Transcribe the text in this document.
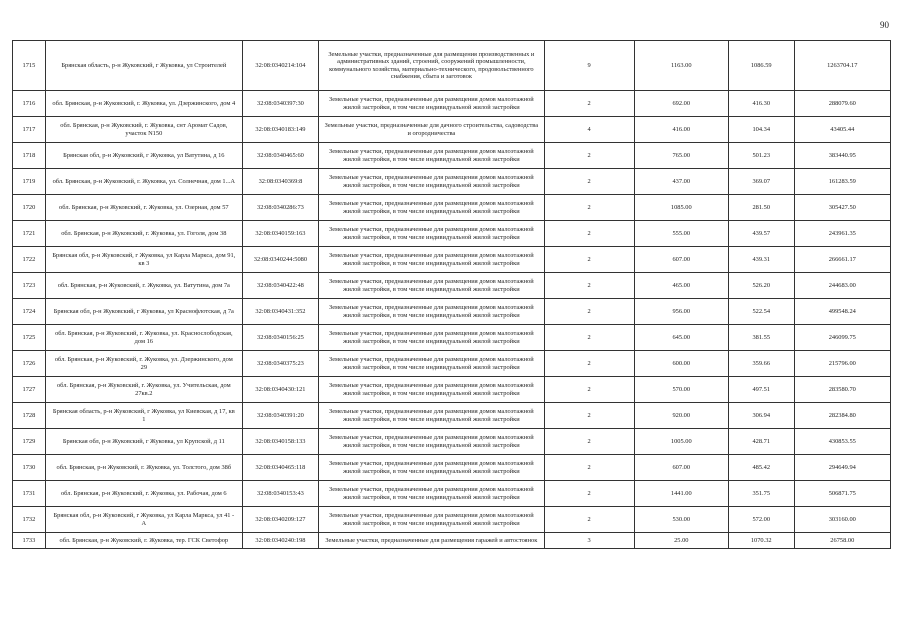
90
1715	Брянская область, р-н Жуковский, г Жуковка, ул Строителей	32:08:0340214:104	Земельные участки, предназначенные для размещения производственных и административных зданий, строений, сооружений промышленности, коммунального хозяйства, материально-технического, продовольственного снабжения, сбыта и заготовок	9	1163.00	1086.59	1263704.17
1716	обл. Брянская, р-н Жуковский, г. Жуковка, ул. Дзержинского, дом 4	32:08:0340397:30	Земельные участки, предназначенные для размещения домов малоэтажной жилой застройки, в том числе индивидуальной жилой застройки	2	692.00	416.30	288079.60
1717	обл. Брянская, р-н Жуковский, г. Жуковка, снт Аромат Садов, участок N150	32:08:0340183:149	Земельные участки, предназначенные для дачного строительства, садоводства и огородничества	4	416.00	104.34	43405.44
1718	Брянская обл, р-н Жуковский, г Жуковка, ул Ватутина, д 16	32:08:0340465:60	Земельные участки, предназначенные для размещения домов малоэтажной жилой застройки, в том числе индивидуальной жилой застройки	2	765.00	501.23	383440.95
1719	обл. Брянская, р-н Жуковский, г. Жуковка, ул. Солнечная, дом 1...А	32:08:0340369:8	Земельные участки, предназначенные для размещения домов малоэтажной жилой застройки, в том числе индивидуальной жилой застройки	2	437.00	369.07	161283.59
1720	обл. Брянская, р-н Жуковский, г. Жуковка, ул. Озерная, дом 57	32:08:0340286:73	Земельные участки, предназначенные для размещения домов малоэтажной жилой застройки, в том числе индивидуальной жилой застройки	2	1085.00	281.50	305427.50
1721	обл. Брянская, р-н Жуковский, г. Жуковка, ул. Гоголя, дом 38	32:08:0340159:163	Земельные участки, предназначенные для размещения домов малоэтажной жилой застройки, в том числе индивидуальной жилой застройки	2	555.00	439.57	243961.35
1722	Брянская обл, р-н Жуковский, г Жуковка, ул Карла Маркса, дом 91, кв 3	32:08:0340244:5080	Земельные участки, предназначенные для размещения домов малоэтажной жилой застройки, в том числе индивидуальной жилой застройки	2	607.00	439.31	266661.17
1723	обл. Брянская, р-н Жуковский, г. Жуковка, ул. Ватутина, дом 7а	32:08:0340422:48	Земельные участки, предназначенные для размещения домов малоэтажной жилой застройки, в том числе индивидуальной жилой застройки	2	465.00	526.20	244683.00
1724	Брянская обл, р-н Жуковский, г Жуковка, ул Краснофлотская, д 7а	32:08:0340431:352	Земельные участки, предназначенные для размещения домов малоэтажной жилой застройки, в том числе индивидуальной жилой застройки	2	956.00	522.54	499548.24
1725	обл. Брянская, р-н Жуковский, г. Жуковка, ул. Краснослободская, дом 16	32:08:0340156:25	Земельные участки, предназначенные для размещения домов малоэтажной жилой застройки, в том числе индивидуальной жилой застройки	2	645.00	381.55	246099.75
1726	обл. Брянская, р-н Жуковский, г. Жуковка, ул. Дзержинского, дом 29	32:08:0340375:23	Земельные участки, предназначенные для размещения домов малоэтажной жилой застройки, в том числе индивидуальной жилой застройки	2	600.00	359.66	215796.00
1727	обл. Брянская, р-н Жуковский, г. Жуковка, ул. Учительская, дом 27кв.2	32:08:0340430:121	Земельные участки, предназначенные для размещения домов малоэтажной жилой застройки, в том числе индивидуальной жилой застройки	2	570.00	497.51	283580.70
1728	Брянская область, р-н Жуковский, г Жуковка, ул Киевская, д 17, кв 1	32:08:0340391:20	Земельные участки, предназначенные для размещения домов малоэтажной жилой застройки, в том числе индивидуальной жилой застройки	2	920.00	306.94	282384.80
1729	Брянская обл, р-н Жуковский, г Жуковка, ул Крупской, д 11	32:08:0340158:133	Земельные участки, предназначенные для размещения домов малоэтажной жилой застройки, в том числе индивидуальной жилой застройки	2	1005.00	428.71	430853.55
1730	обл. Брянская, р-н Жуковский, г. Жуковка, ул. Толстого, дом 38б	32:08:0340465:118	Земельные участки, предназначенные для размещения домов малоэтажной жилой застройки, в том числе индивидуальной жилой застройки	2	607.00	485.42	294649.94
1731	обл. Брянская, р-н Жуковский, г. Жуковка, ул. Рабочая, дом 6	32:08:0340153:43	Земельные участки, предназначенные для размещения домов малоэтажной жилой застройки, в том числе индивидуальной жилой застройки	2	1441.00	351.75	506871.75
1732	Брянская обл, р-н Жуковский, г Жуковка, ул Карла Маркса, ул 41 - А	32:08:0340209:127	Земельные участки, предназначенные для размещения домов малоэтажной жилой застройки, в том числе индивидуальной жилой застройки	2	530.00	572.00	303160.00
1733	обл. Брянская, р-н Жуковский, г. Жуковка, тер. ГСК Светофор	32:08:0340240:198	Земельные участки, предназначенные для размещения гаражей и автостоянок	3	25.00	1070.32	26758.00
